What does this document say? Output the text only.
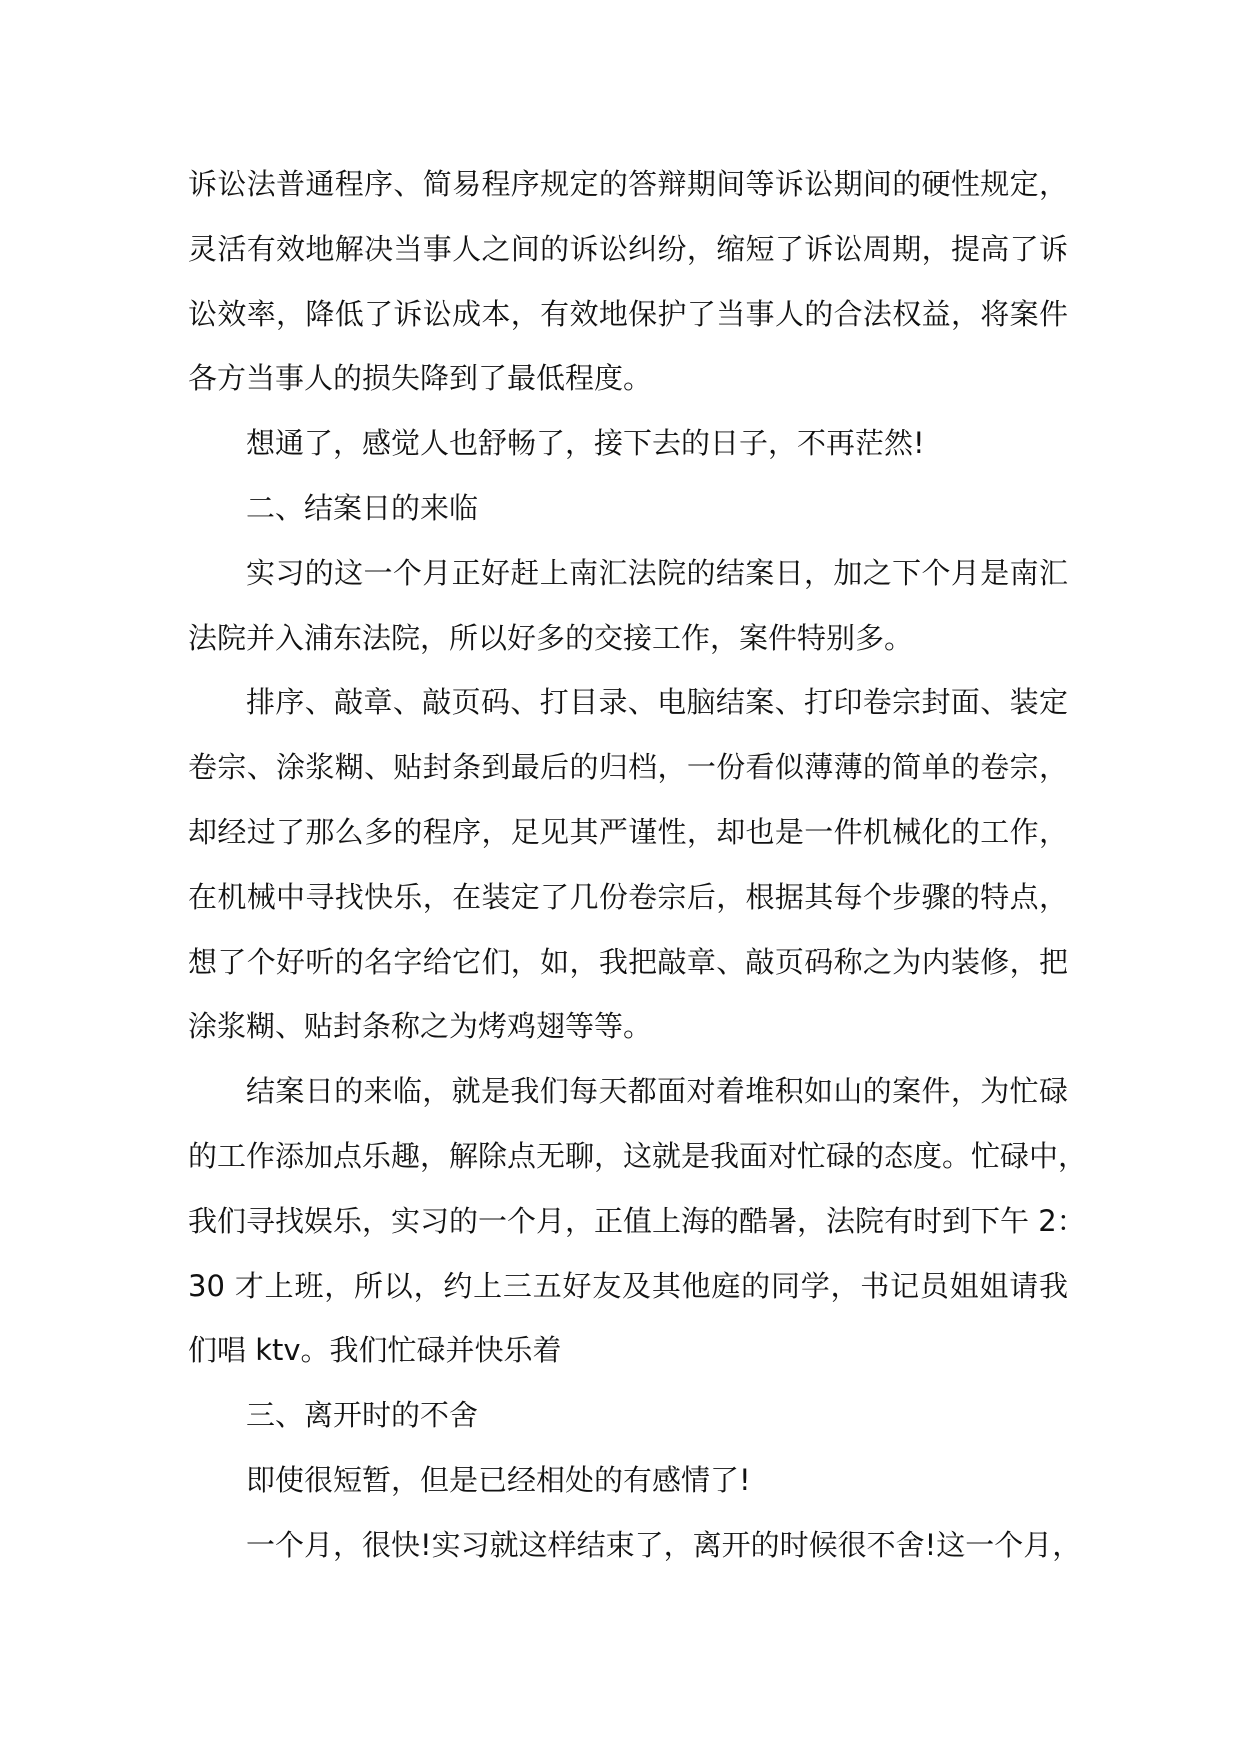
诉讼法普通程序、简易程序规定的答辩期间等诉讼期间的硬性规定，
灵活有效地解决当事人之间的诉讼纠纷，缩短了诉讼周期，提高了诉
讼效率，降低了诉讼成本，有效地保护了当事人的合法权益，将案件
各方当事人的损失降到了最低程度。
想通了，感觉人也舒畅了，接下去的日子，不再茫然!
二、结案日的来临
实习的这一个月正好赶上南汇法院的结案日，加之下个月是南汇
法院并入浦东法院，所以好多的交接工作，案件特别多。
排序、敲章、敲页码、打目录、电脑结案、打印卷宗封面、装定
卷宗、涂浆糊、贴封条到最后的归档，一份看似薄薄的简单的卷宗，
却经过了那么多的程序，足见其严谨性，却也是一件机械化的工作，
在机械中寻找快乐，在装定了几份卷宗后，根据其每个步骤的特点，
想了个好听的名字给它们，如，我把敲章、敲页码称之为内装修，把
涂浆糊、贴封条称之为烤鸡翅等等。
结案日的来临，就是我们每天都面对着堆积如山的案件，为忙碌
的工作添加点乐趣，解除点无聊，这就是我面对忙碌的态度。忙碌中，
我们寻找娱乐，实习的一个月，正值上海的酷暑，法院有时到下午 2：
30 才上班，所以，约上三五好友及其他庭的同学，书记员姐姐请我
们唱 ktv。我们忙碌并快乐着
三、离开时的不舍
即使很短暂，但是已经相处的有感情了!
一个月，很快!实习就这样结束了，离开的时候很不舍!这一个月，
